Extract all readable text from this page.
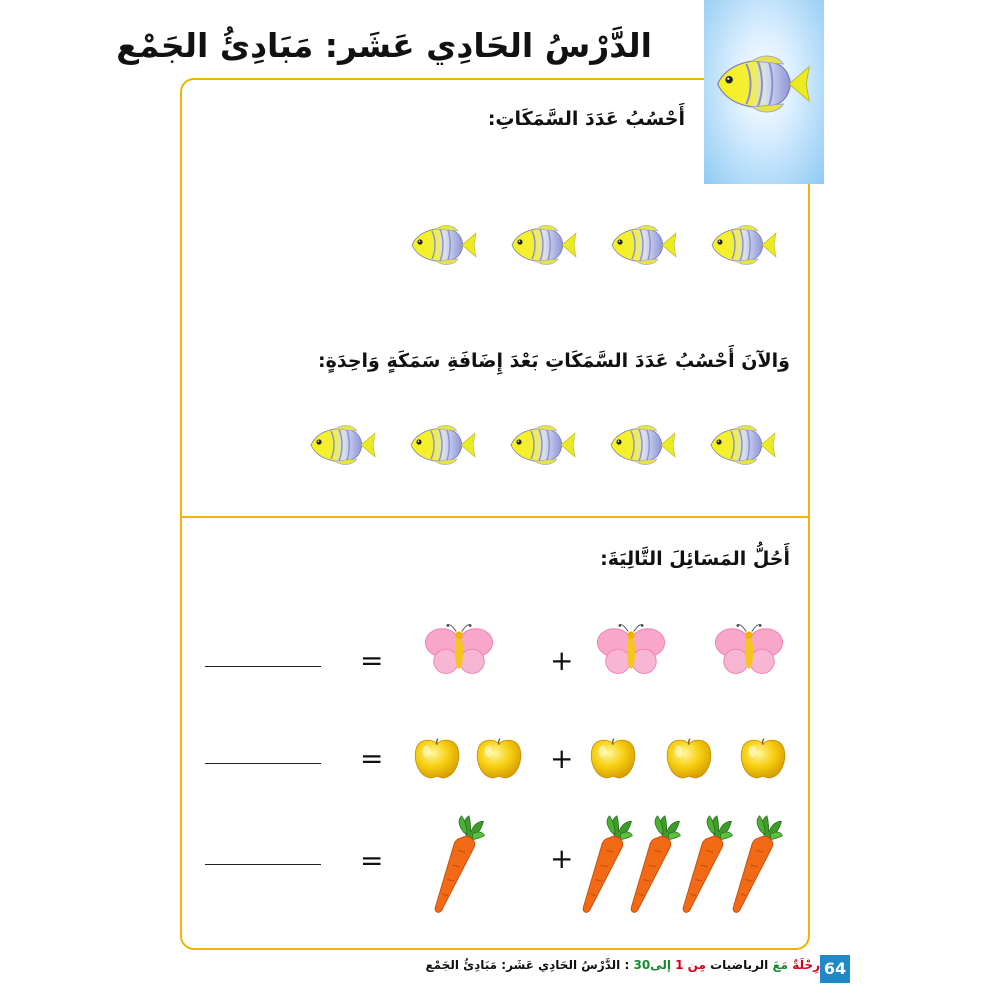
الدَّرْسُ الحَادِي عَشَر: مَبَادِئُ الجَمْع
أَحْسُبُ عَدَدَ السَّمَكَاتِ:
وَالآنَ أَحْسُبُ عَدَدَ السَّمَكَاتِ بَعْدَ إِضَافَةِ سَمَكَةٍ وَاحِدَةٍ:
أَحُلُّ المَسَائِلَ التَّالِيَةَ:
+
=
+
=
+
=
64
رِحْلَةٌ مَعَ الرياضيات مِن 1 إلى30 : الدَّرْسُ الحَادِي عَشَر: مَبَادِئُ الجَمْع
